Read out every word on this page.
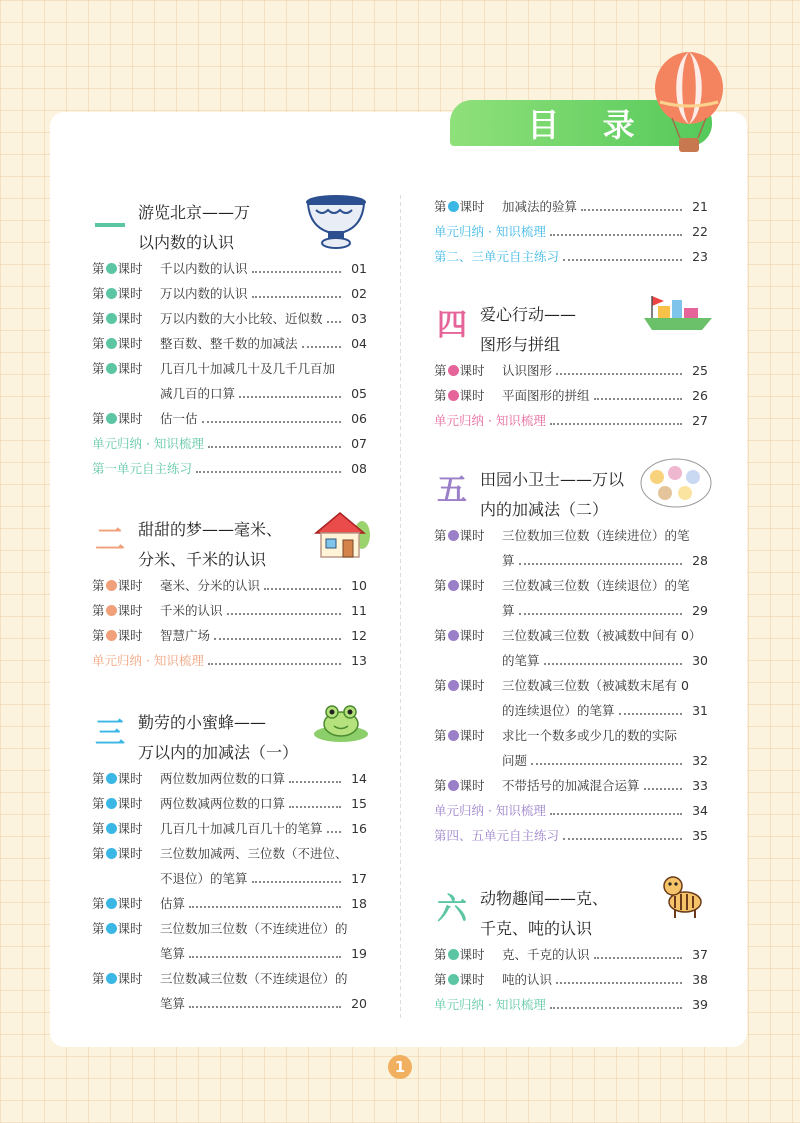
目 录
游览北京——万
以内数的认识
第 课时	千以内数的认识	01
第 课时	万以内数的认识	02
第 课时	万以内数的大小比较、近似数	03
第 课时	整百数、整千数的加减法	04
第 课时	几百几十加减几十及几千几百加
减几百的口算	05
第 课时	估一估	06
单元归纳 · 知识梳理	07
第一单元自主练习	08
二 甜甜的梦——毫米、
分米、千米的认识
第 课时	毫米、分米的认识	10
第 课时	千米的认识	11
第 课时	智慧广场	12
单元归纳 · 知识梳理	13
三 勤劳的小蜜蜂——
万以内的加减法（一）
第 课时	两位数加两位数的口算	14
第 课时	两位数减两位数的口算	15
第 课时	几百几十加减几百几十的笔算	16
第 课时	三位数加减两、三位数（不进位、
不退位）的笔算	17
第 课时	估算	18
第 课时	三位数加三位数（不连续进位）的
笔算	19
第 课时	三位数减三位数（不连续退位）的
笔算	20
第 课时	加减法的验算	21
单元归纳 · 知识梳理	22
第二、三单元自主练习	23
四 爱心行动——
图形与拼组
第 课时	认识图形	25
第 课时	平面图形的拼组	26
单元归纳 · 知识梳理	27
五 田园小卫士——万以
内的加减法（二）
第 课时	三位数加三位数（连续进位）的笔
算	28
第 课时	三位数减三位数（连续退位）的笔
算	29
第 课时	三位数减三位数（被减数中间有 0）
的笔算	30
第 课时	三位数减三位数（被减数末尾有 0
的连续退位）的笔算	31
第 课时	求比一个数多或少几的数的实际
问题	32
第 课时	不带括号的加减混合运算	33
单元归纳 · 知识梳理	34
第四、五单元自主练习	35
六 动物趣闻——克、
千克、吨的认识
第 课时	克、千克的认识	37
第 课时	吨的认识	38
单元归纳 · 知识梳理	39
1
